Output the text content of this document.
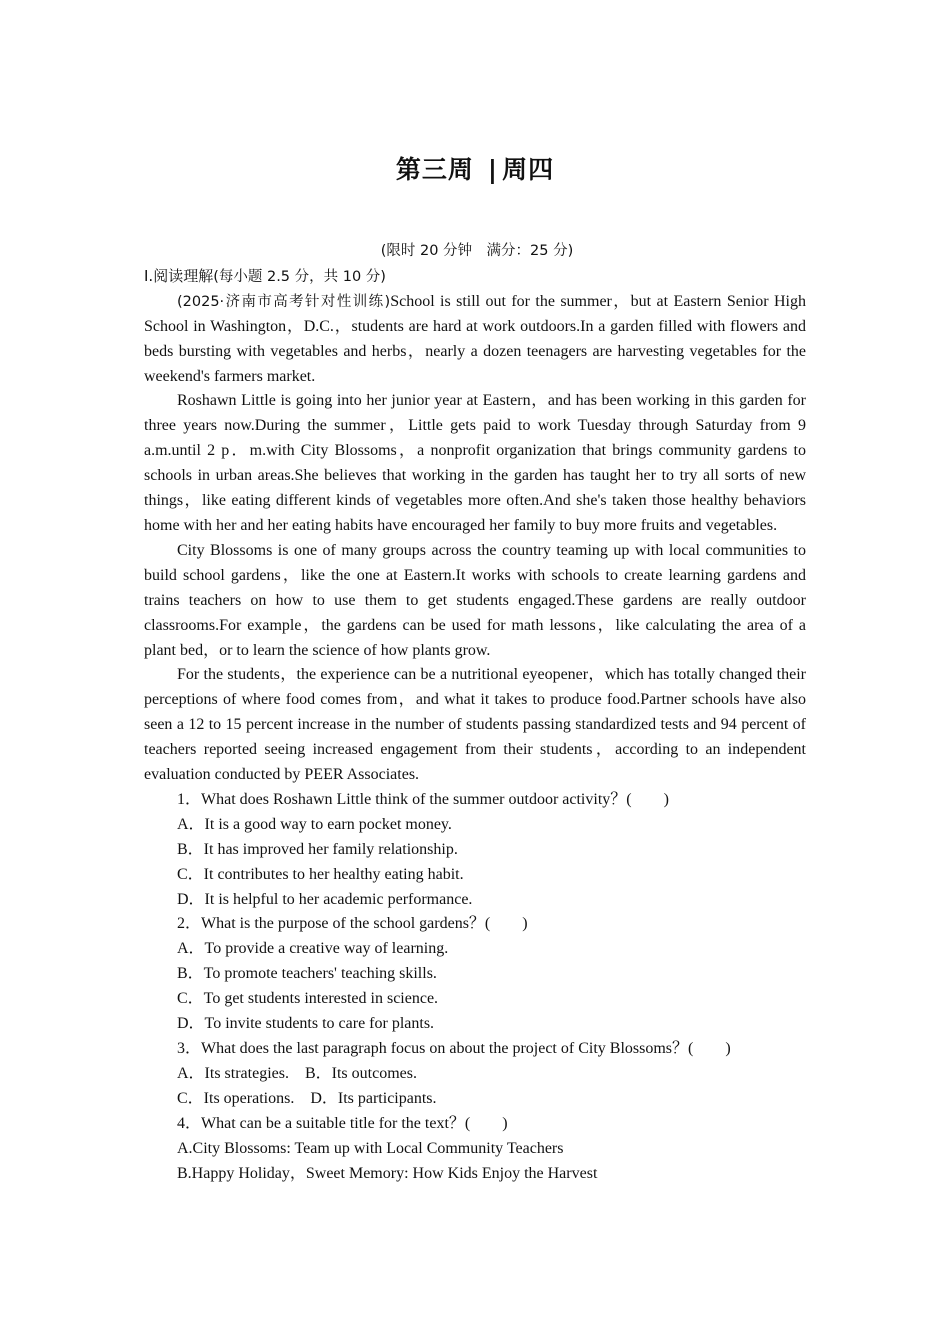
第三周 | 周四
(限时 20 分钟　满分：25 分)
Ⅰ.阅读理解(每小题 2.5 分，共 10 分)

(2025·济南市高考针对性训练)School is still out for the summer，but at Eastern Senior High School in Washington，D.C.，students are hard at work outdoors.In a garden filled with flowers and beds bursting with vegetables and herbs，nearly a dozen teenagers are harvesting vegetables for the weekend's farmers market.

Roshawn Little is going into her junior year at Eastern，and has been working in this garden for three years now.During the summer，Little gets paid to work Tuesday through Saturday from 9 a.m.until 2 p．m.with City Blossoms，a nonprofit organization that brings community gardens to schools in urban areas.She believes that working in the garden has taught her to try all sorts of new things，like eating different kinds of vegetables more often.And she's taken those healthy behaviors home with her and her eating habits have encouraged her family to buy more fruits and vegetables.

City Blossoms is one of many groups across the country teaming up with local communities to build school gardens，like the one at Eastern.It works with schools to create learning gardens and trains teachers on how to use them to get students engaged.These gardens are really outdoor classrooms.For example，the gardens can be used for math lessons，like calculating the area of a plant bed，or to learn the science of how plants grow.

For the students，the experience can be a nutritional eyeopener，which has totally changed their perceptions of where food comes from，and what it takes to produce food.Partner schools have also seen a 12 to 15 percent increase in the number of students passing standardized tests and 94 percent of teachers reported seeing increased engagement from their students，according to an independent evaluation conducted by PEER Associates.

1．What does Roshawn Little think of the summer outdoor activity？(　　)
A．It is a good way to earn pocket money.
B．It has improved her family relationship.
C．It contributes to her healthy eating habit.
D．It is helpful to her academic performance.
2．What is the purpose of the school gardens？(　　)
A．To provide a creative way of learning.
B．To promote teachers' teaching skills.
C．To get students interested in science.
D．To invite students to care for plants.
3．What does the last paragraph focus on about the project of City Blossoms？(　　)
A．Its strategies.　B．Its outcomes.
C．Its operations.　D．Its participants.
4．What can be a suitable title for the text？(　　)
A.City Blossoms: Team up with Local Community Teachers
B.Happy Holiday，Sweet Memory: How Kids Enjoy the Harvest
